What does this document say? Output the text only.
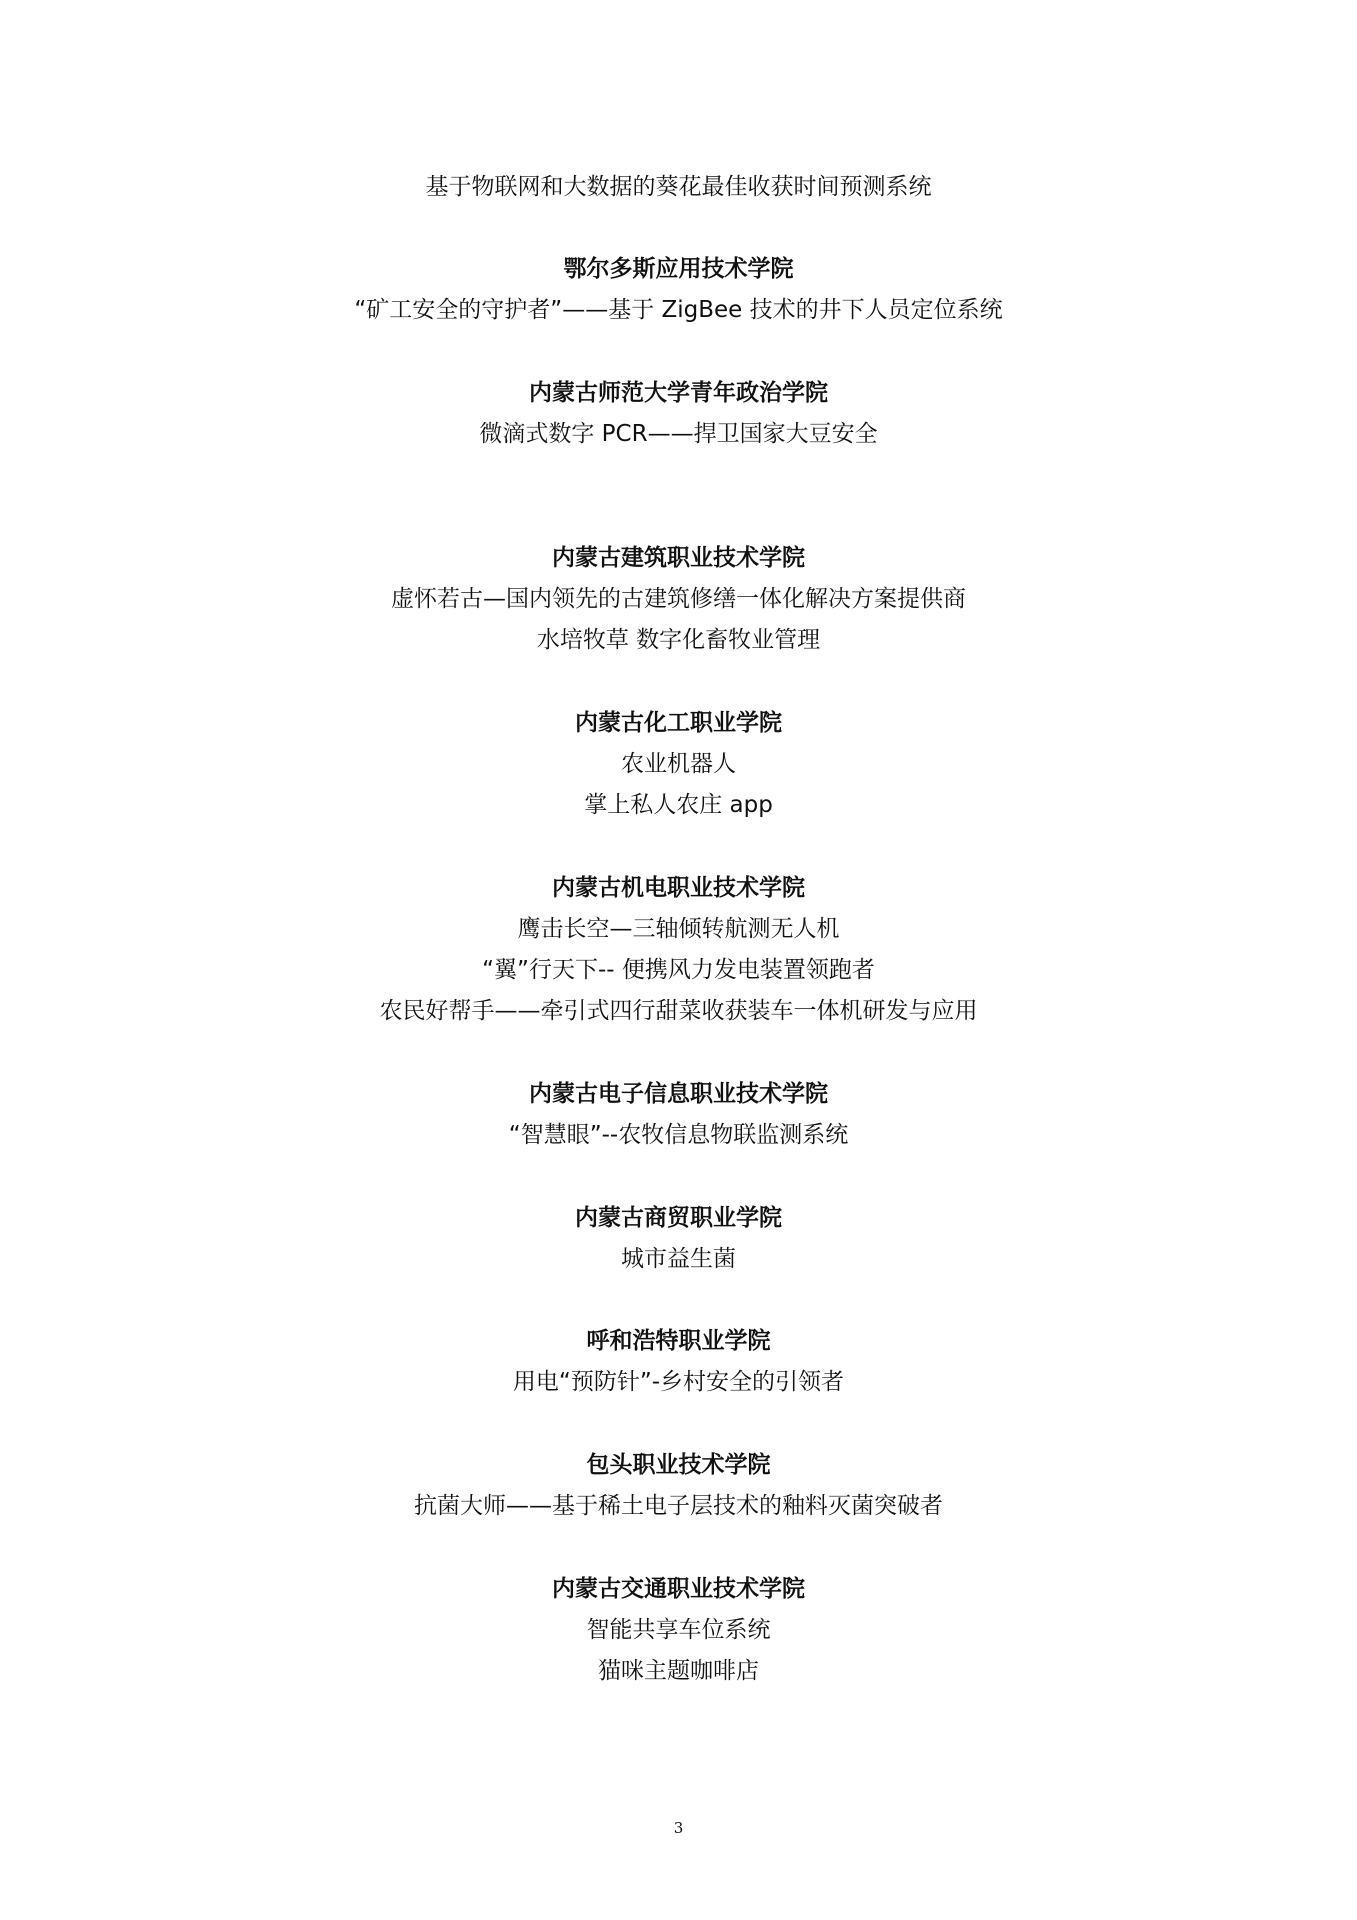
基于物联网和大数据的葵花最佳收获时间预测系统
鄂尔多斯应用技术学院
“矿工安全的守护者”——基于 ZigBee 技术的井下人员定位系统
内蒙古师范大学青年政治学院
微滴式数字 PCR——捍卫国家大豆安全
内蒙古建筑职业技术学院
虚怀若古—国内领先的古建筑修缮一体化解决方案提供商
水培牧草 数字化畜牧业管理
内蒙古化工职业学院
农业机器人
掌上私人农庄 app
内蒙古机电职业技术学院
鹰击长空—三轴倾转航测无人机
“翼”行天下-- 便携风力发电装置领跑者
农民好帮手——牵引式四行甜菜收获装车一体机研发与应用
内蒙古电子信息职业技术学院
“智慧眼”--农牧信息物联监测系统
内蒙古商贸职业学院
城市益生菌
呼和浩特职业学院
用电“预防针”-乡村安全的引领者
包头职业技术学院
抗菌大师——基于稀土电子层技术的釉料灭菌突破者
内蒙古交通职业技术学院
智能共享车位系统
猫咪主题咖啡店
3
